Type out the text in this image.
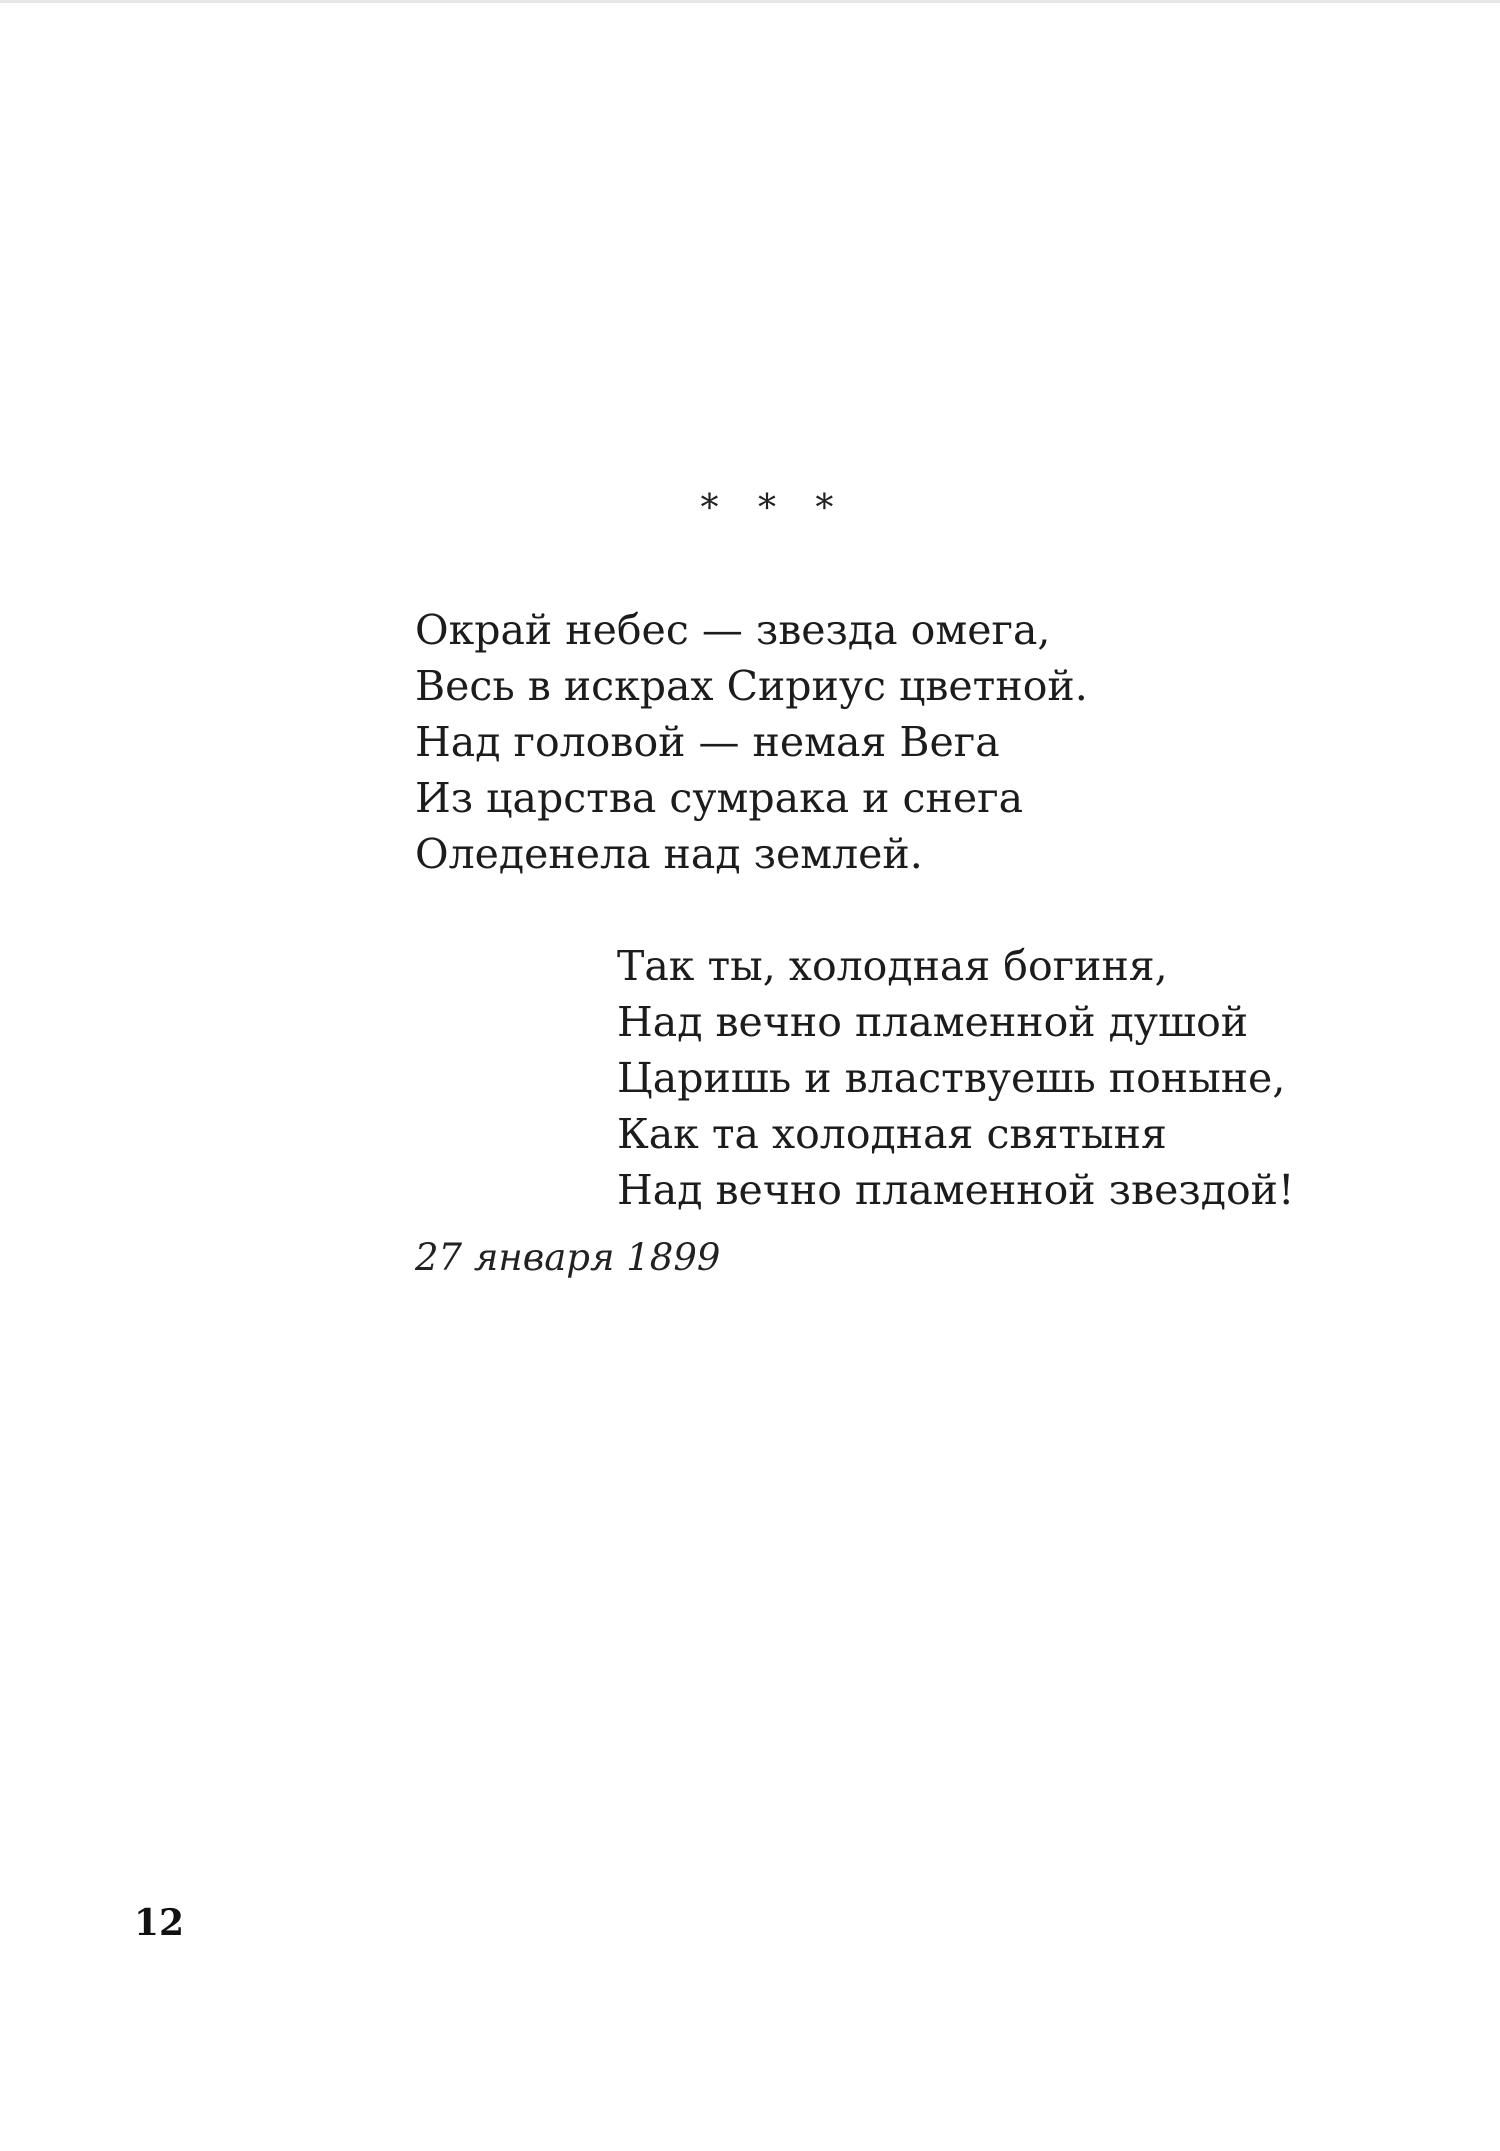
* * *
Окрай небес — звезда омега,
Весь в искрах Сириус цветной.
Над головой — немая Вега
Из царства сумрака и снега
Оледенела над землей.
Так ты, холодная богиня,
Над вечно пламенной душой
Царишь и властвуешь поныне,
Как та холодная святыня
Над вечно пламенной звездой!
27 января 1899
12
